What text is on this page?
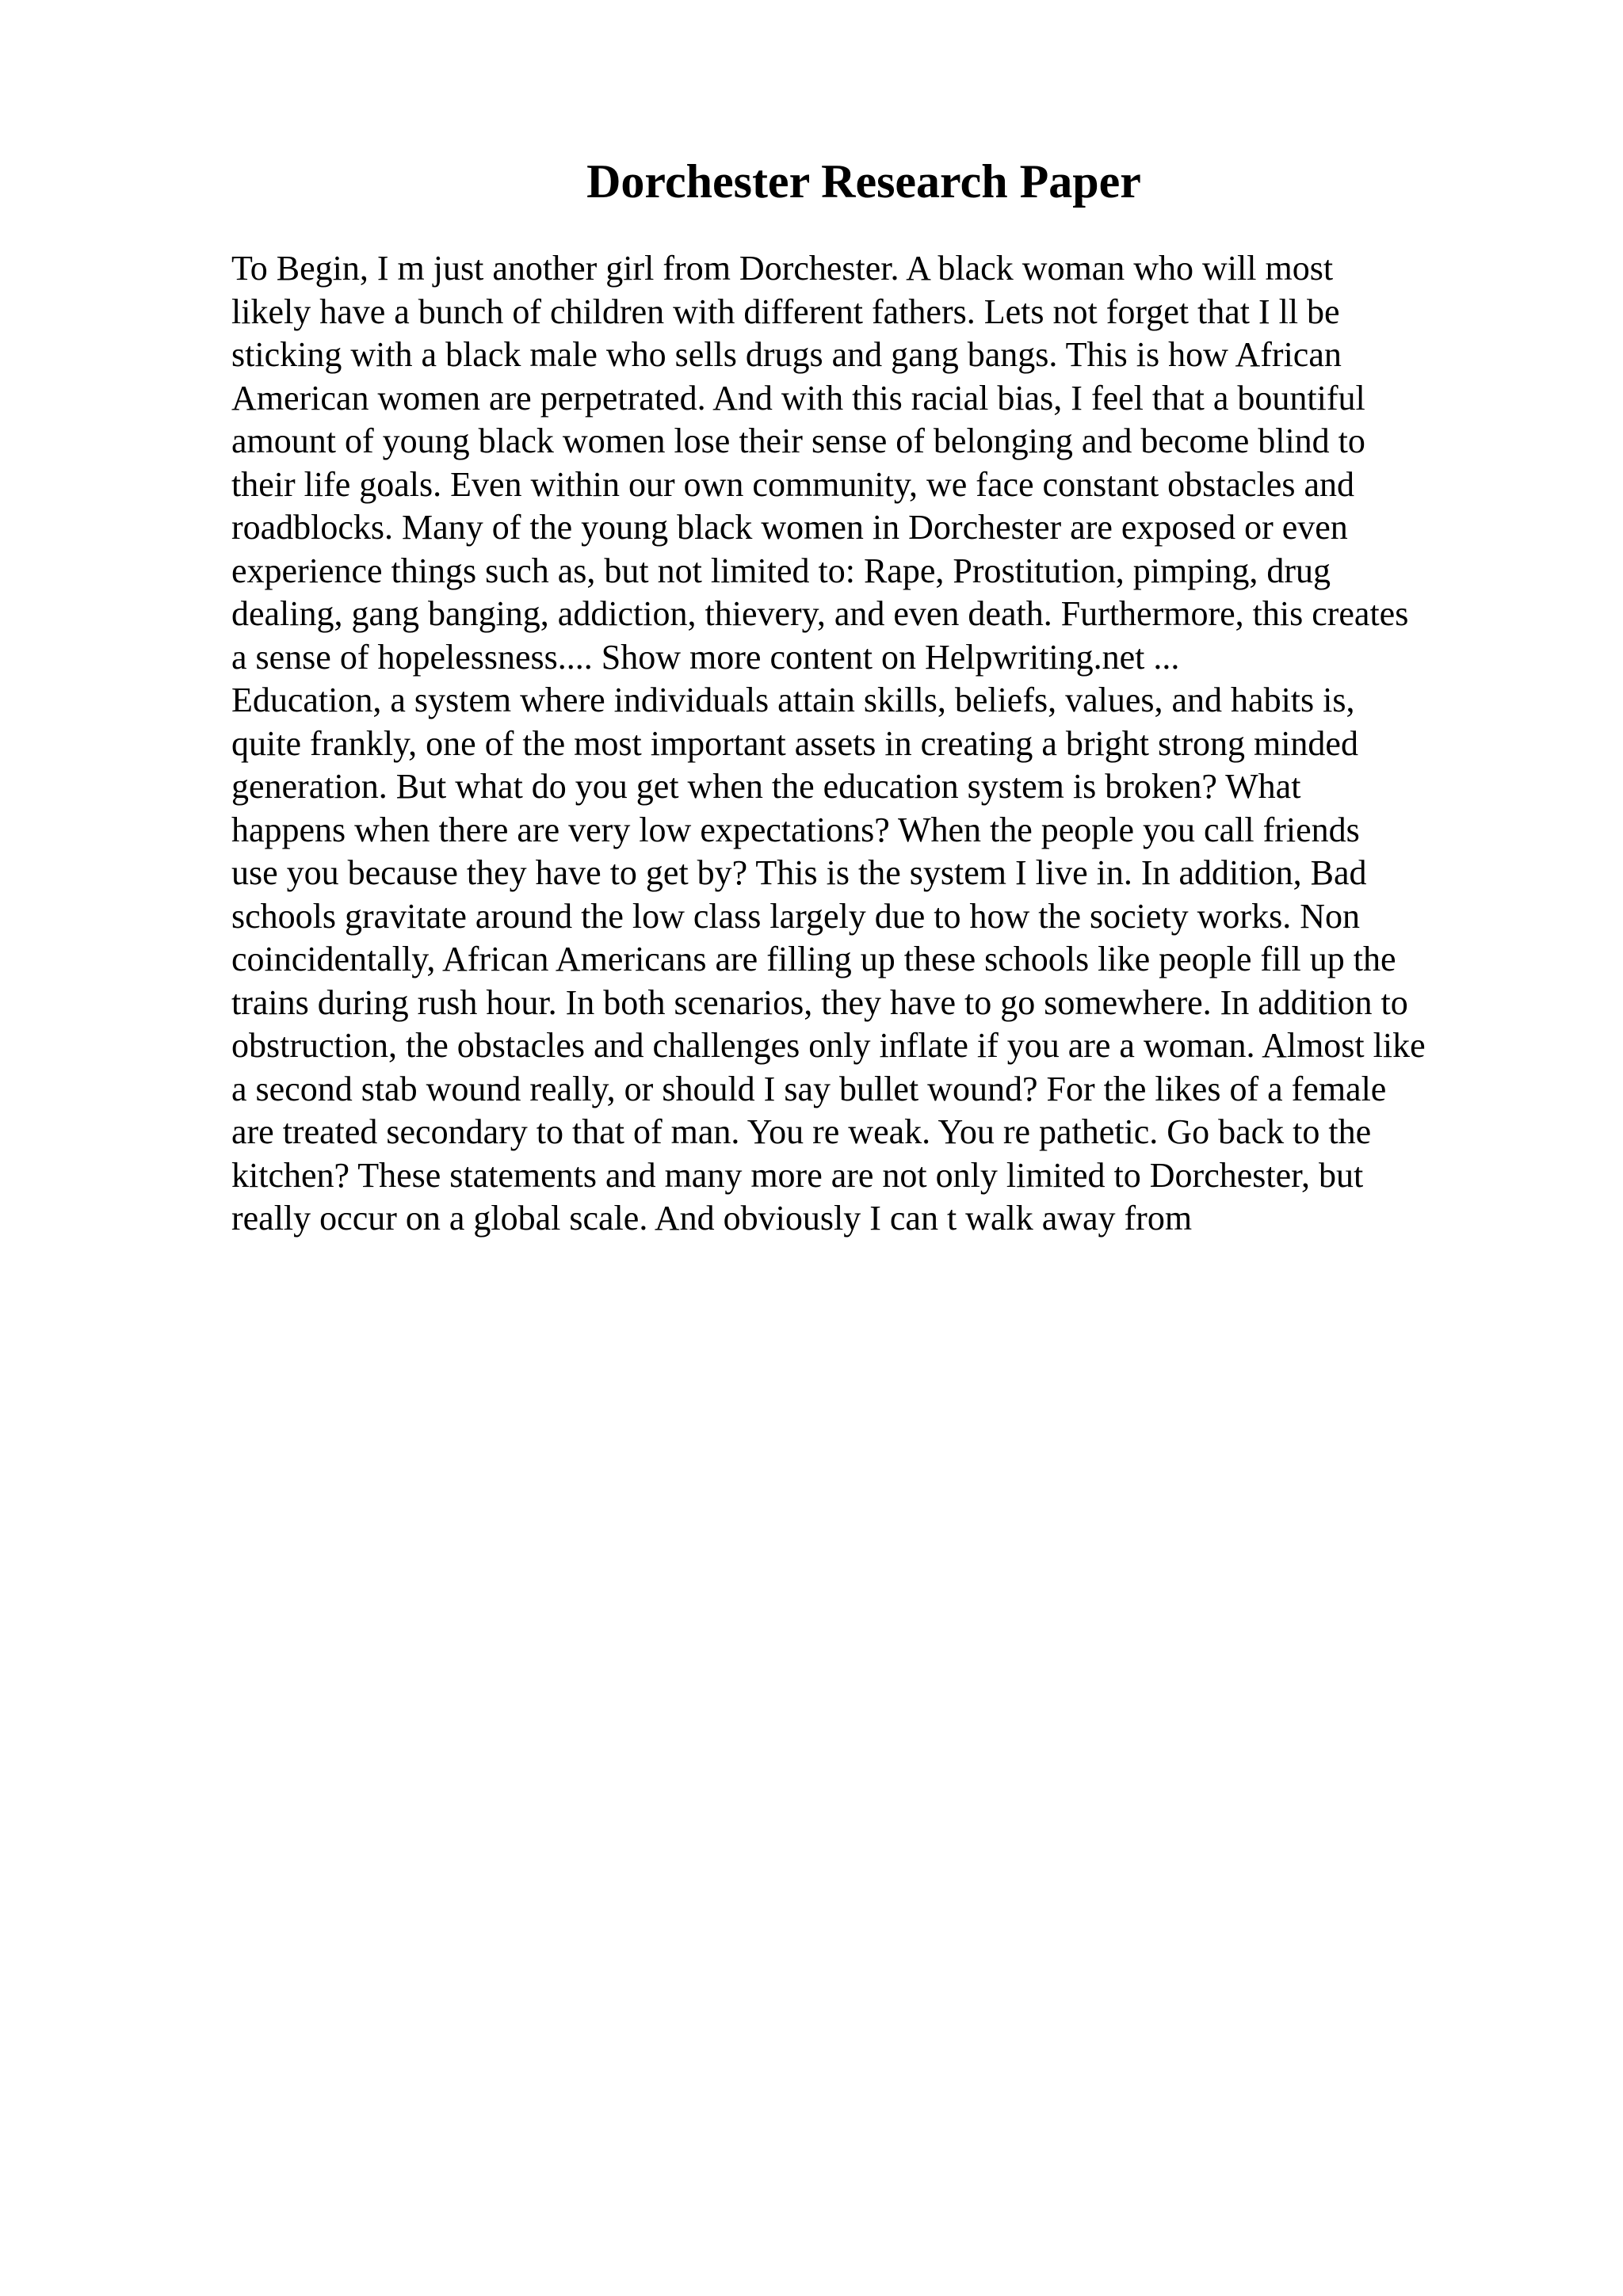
Dorchester Research Paper
To Begin, I m just another girl from Dorchester. A black woman who will most
likely have a bunch of children with different fathers. Lets not forget that I ll be
sticking with a black male who sells drugs and gang bangs. This is how African
American women are perpetrated. And with this racial bias, I feel that a bountiful
amount of young black women lose their sense of belonging and become blind to
their life goals. Even within our own community, we face constant obstacles and
roadblocks. Many of the young black women in Dorchester are exposed or even
experience things such as, but not limited to: Rape, Prostitution, pimping, drug
dealing, gang banging, addiction, thievery, and even death. Furthermore, this creates
a sense of hopelessness.... Show more content on Helpwriting.net ...
Education, a system where individuals attain skills, beliefs, values, and habits is,
quite frankly, one of the most important assets in creating a bright strong minded
generation. But what do you get when the education system is broken? What
happens when there are very low expectations? When the people you call friends
use you because they have to get by? This is the system I live in. In addition, Bad
schools gravitate around the low class largely due to how the society works. Non
coincidentally, African Americans are filling up these schools like people fill up the
trains during rush hour. In both scenarios, they have to go somewhere. In addition to
obstruction, the obstacles and challenges only inflate if you are a woman. Almost like
a second stab wound really, or should I say bullet wound? For the likes of a female
are treated secondary to that of man. You re weak. You re pathetic. Go back to the
kitchen? These statements and many more are not only limited to Dorchester, but
really occur on a global scale. And obviously I can t walk away from
